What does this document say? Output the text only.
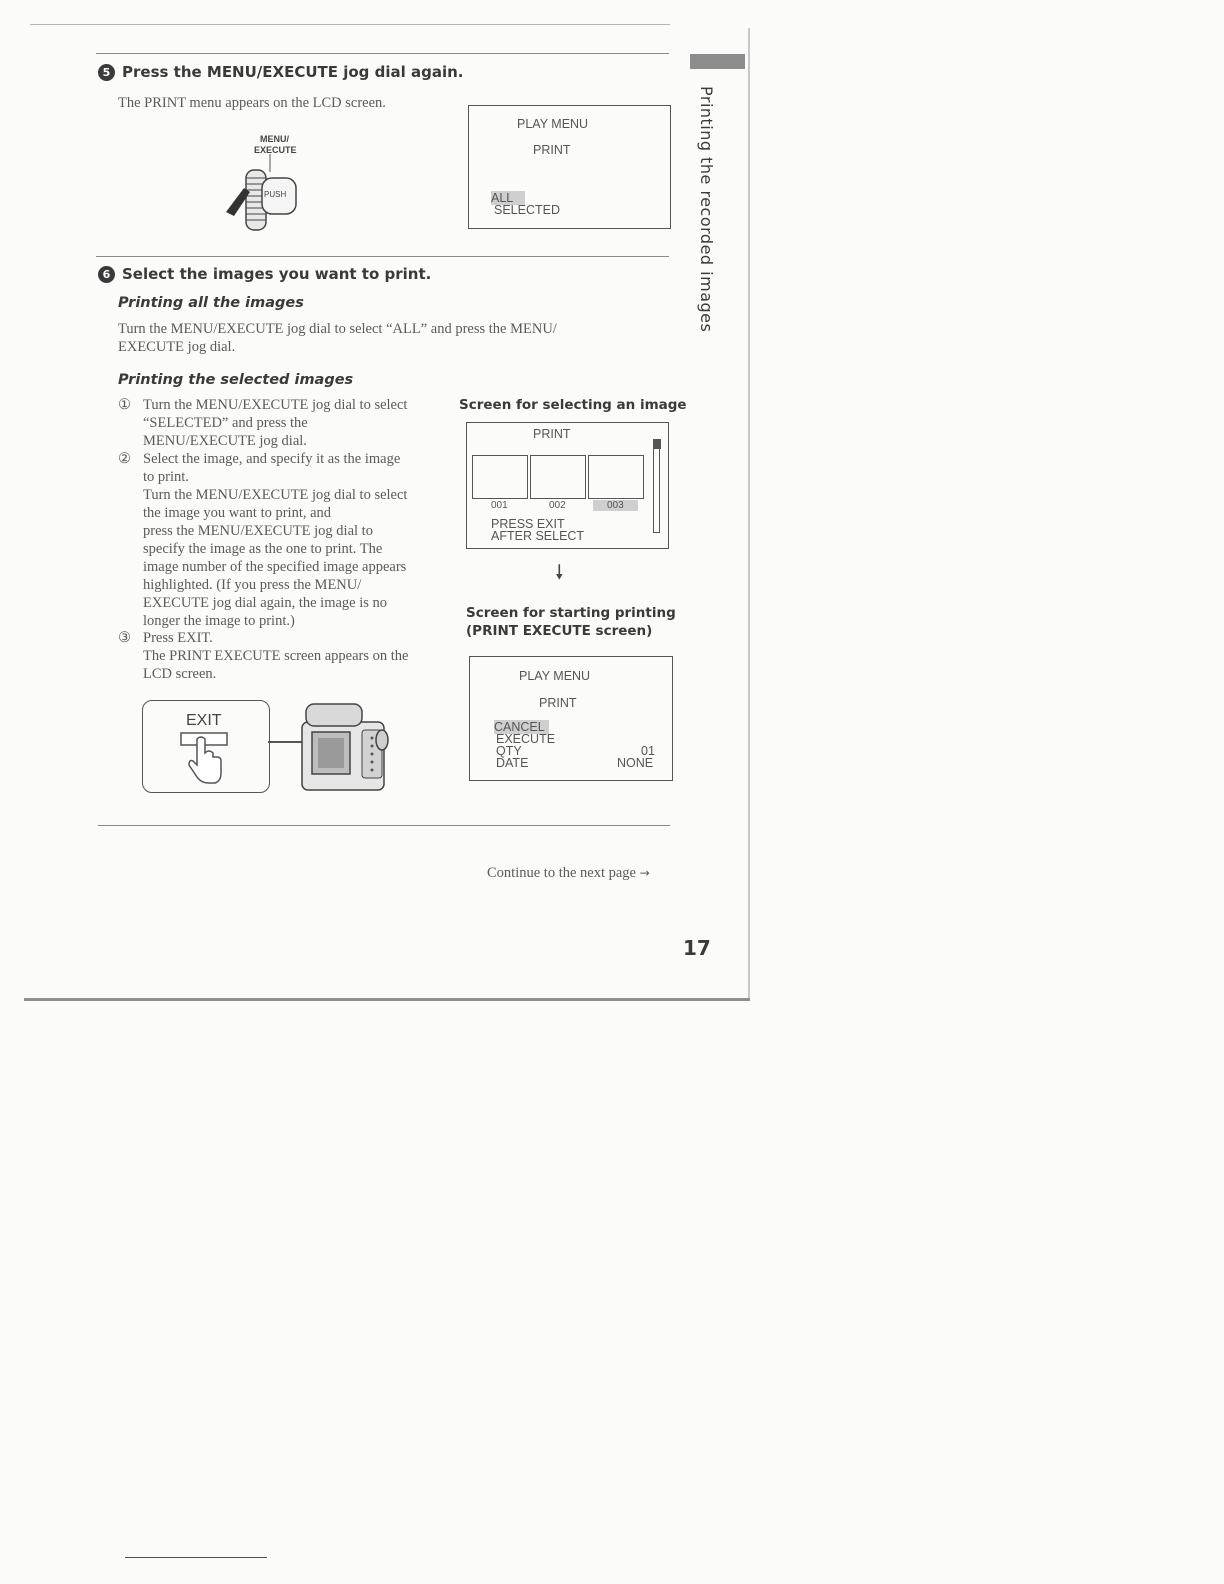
Printing the recorded images
5 Press the MENU/EXECUTE jog dial again.
The PRINT menu appears on the LCD screen.
MENU/
EXECUTE
PUSH
PLAY MENU
PRINT
ALL
SELECTED
6 Select the images you want to print.
Printing all the images
Turn the MENU/EXECUTE jog dial to select “ALL” and press the MENU/
EXECUTE jog dial.
Printing the selected images
① Turn the MENU/EXECUTE jog dial to select
“SELECTED” and press the
MENU/EXECUTE jog dial.
② Select the image, and specify it as the image
to print.
Turn the MENU/EXECUTE jog dial to select
the image you want to print, and
press the MENU/EXECUTE jog dial to
specify the image as the one to print. The
image number of the specified image appears
highlighted. (If you press the MENU/
EXECUTE jog dial again, the image is no
longer the image to print.)
③ Press EXIT.
The PRINT EXECUTE screen appears on the
LCD screen.
EXIT
Screen for selecting an image
PRINT
001	002	003
PRESS EXIT
AFTER SELECT
🠗
Screen for starting printing
(PRINT EXECUTE screen)
PLAY MENU
PRINT
CANCEL
EXECUTE
QTY	01
DATE	NONE
Continue to the next page →
17
